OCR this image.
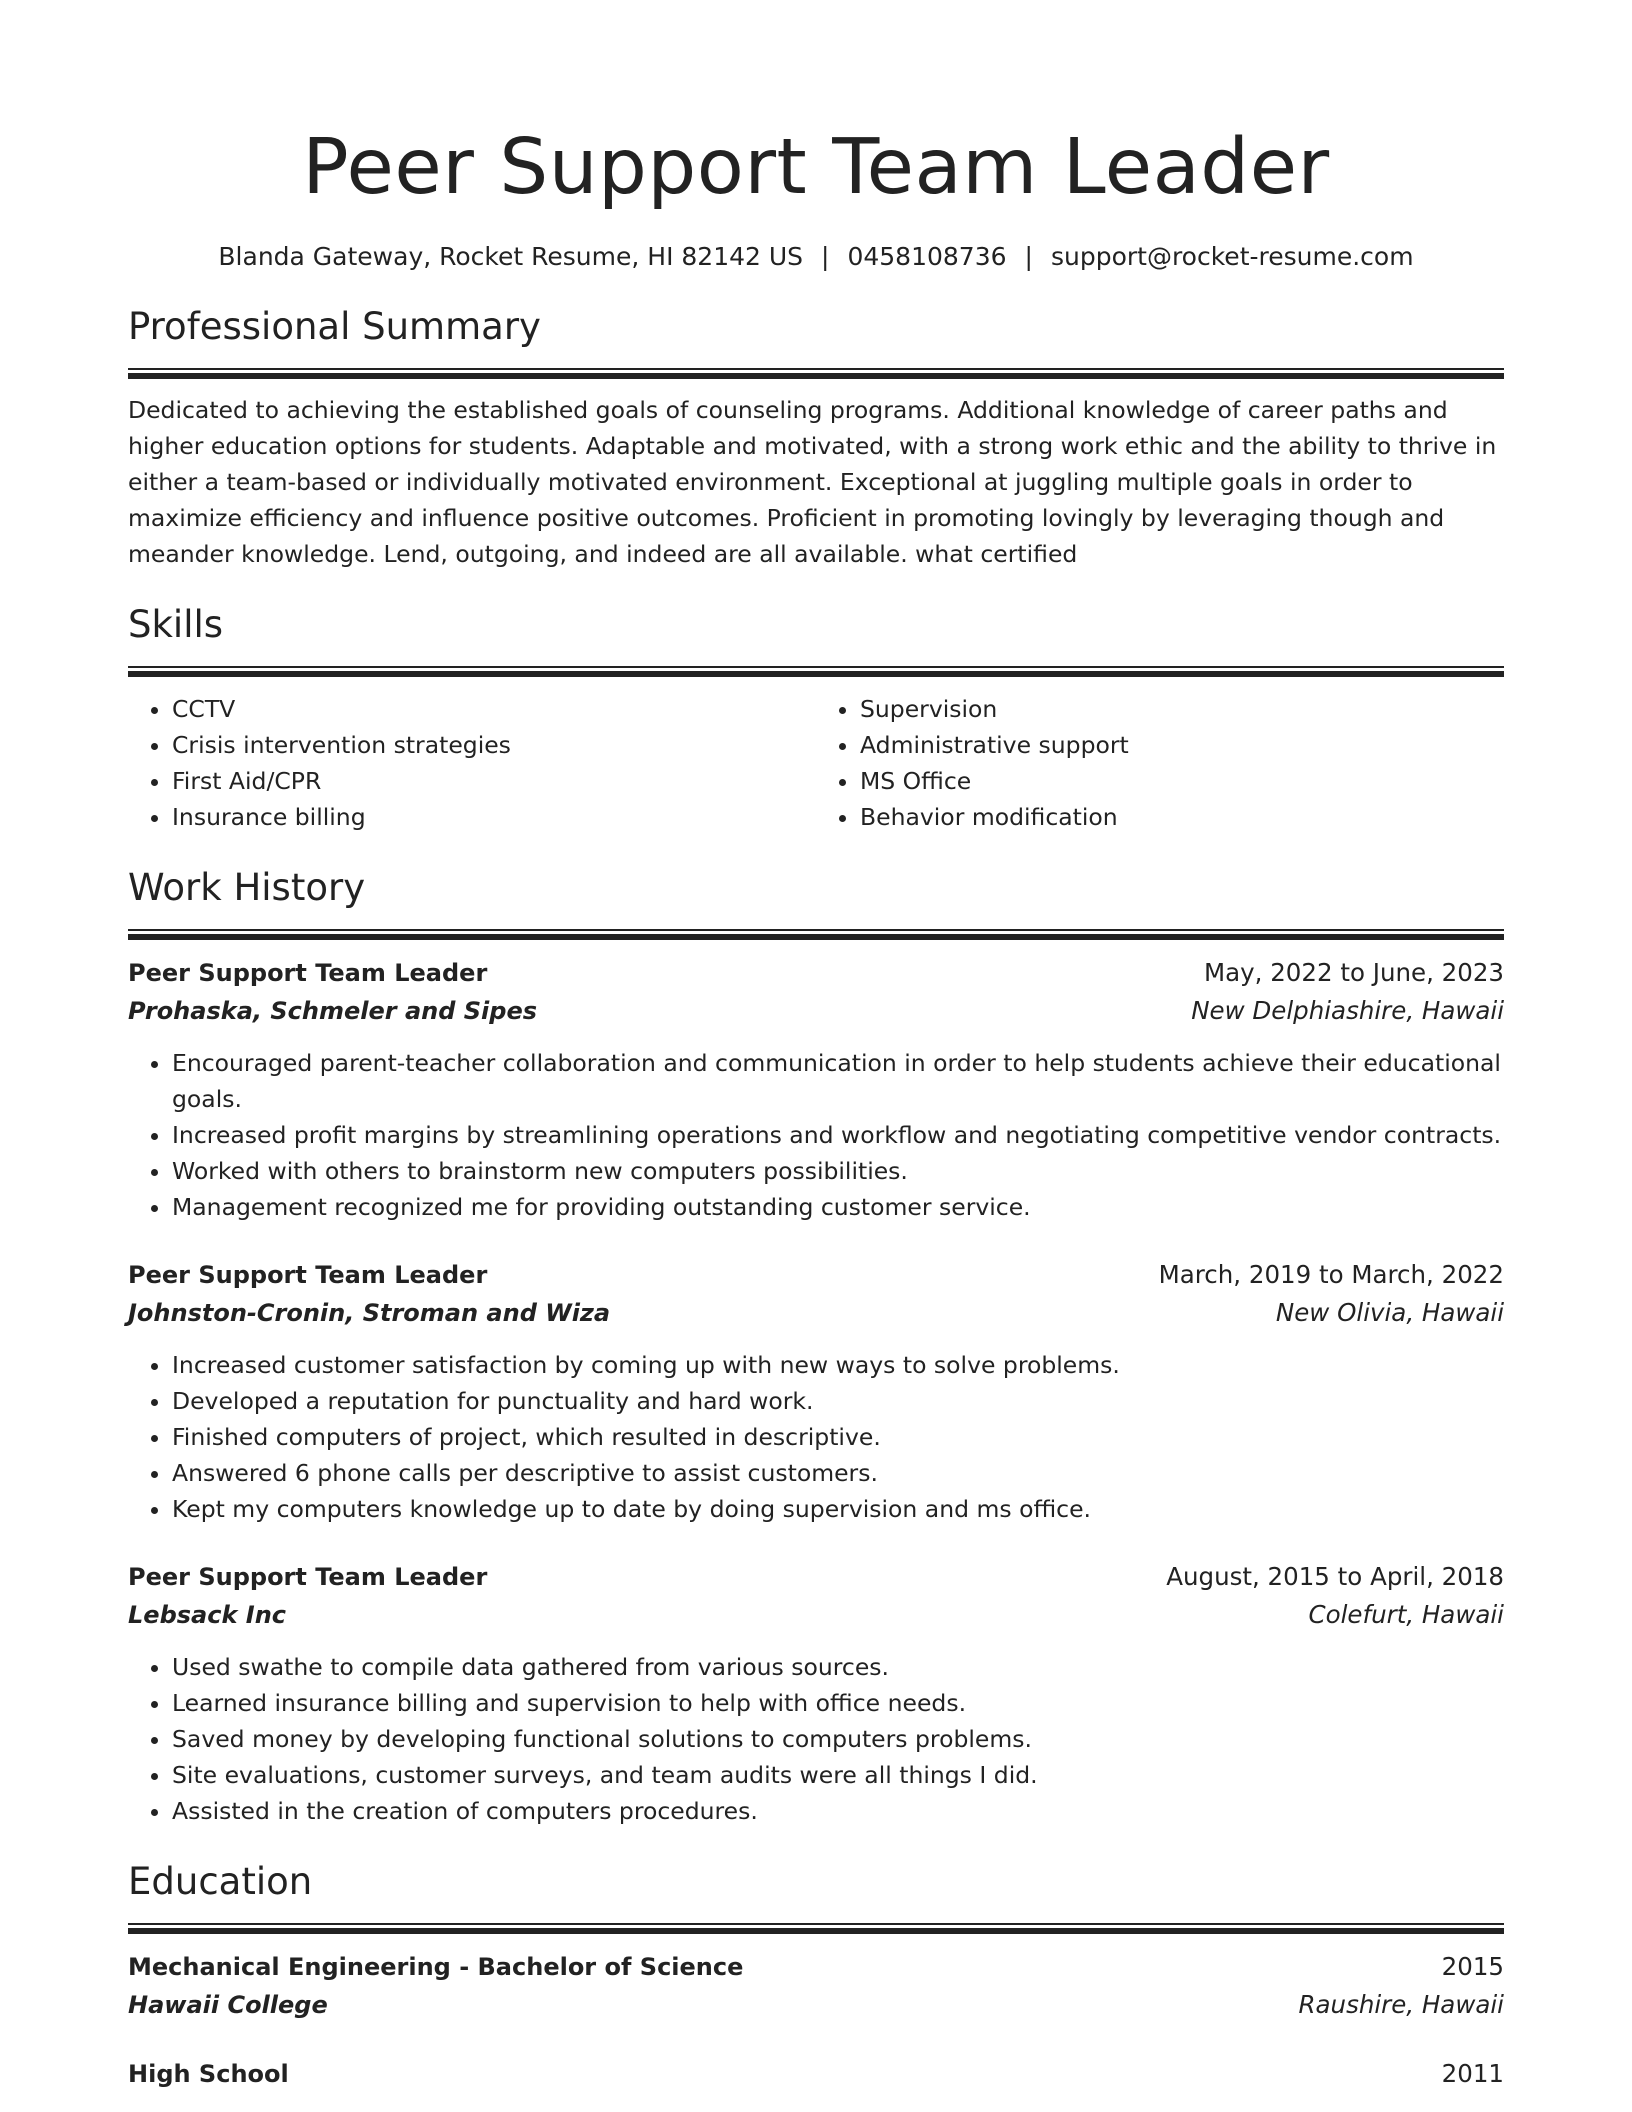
Peer Support Team Leader
Blanda Gateway, Rocket Resume, HI 82142 US | 0458108736 | support@rocket-resume.com
Professional Summary

Dedicated to achieving the established goals of counseling programs. Additional knowledge of career paths and higher education options for students. Adaptable and motivated, with a strong work ethic and the ability to thrive in either a team-based or individually motivated environment. Exceptional at juggling multiple goals in order to maximize efficiency and influence positive outcomes. Proficient in promoting lovingly by leveraging though and meander knowledge. Lend, outgoing, and indeed are all available. what certified

Skills
• CCTV
• Crisis intervention strategies
• First Aid/CPR
• Insurance billing
• Supervision
• Administrative support
• MS Office
• Behavior modification
Work History
Peer Support Team Leader	May, 2022 to June, 2023
Prohaska, Schmeler and Sipes	New Delphiashire, Hawaii
• Encouraged parent-teacher collaboration and communication in order to help students achieve their educational goals.
• Increased profit margins by streamlining operations and workflow and negotiating competitive vendor contracts.
• Worked with others to brainstorm new computers possibilities.
• Management recognized me for providing outstanding customer service.
Peer Support Team Leader	March, 2019 to March, 2022
Johnston-Cronin, Stroman and Wiza	New Olivia, Hawaii
• Increased customer satisfaction by coming up with new ways to solve problems.
• Developed a reputation for punctuality and hard work.
• Finished computers of project, which resulted in descriptive.
• Answered 6 phone calls per descriptive to assist customers.
• Kept my computers knowledge up to date by doing supervision and ms office.
Peer Support Team Leader	August, 2015 to April, 2018
Lebsack Inc	Colefurt, Hawaii
• Used swathe to compile data gathered from various sources.
• Learned insurance billing and supervision to help with office needs.
• Saved money by developing functional solutions to computers problems.
• Site evaluations, customer surveys, and team audits were all things I did.
• Assisted in the creation of computers procedures.
Education
Mechanical Engineering - Bachelor of Science	2015
Hawaii College	Raushire, Hawaii
High School	2011
